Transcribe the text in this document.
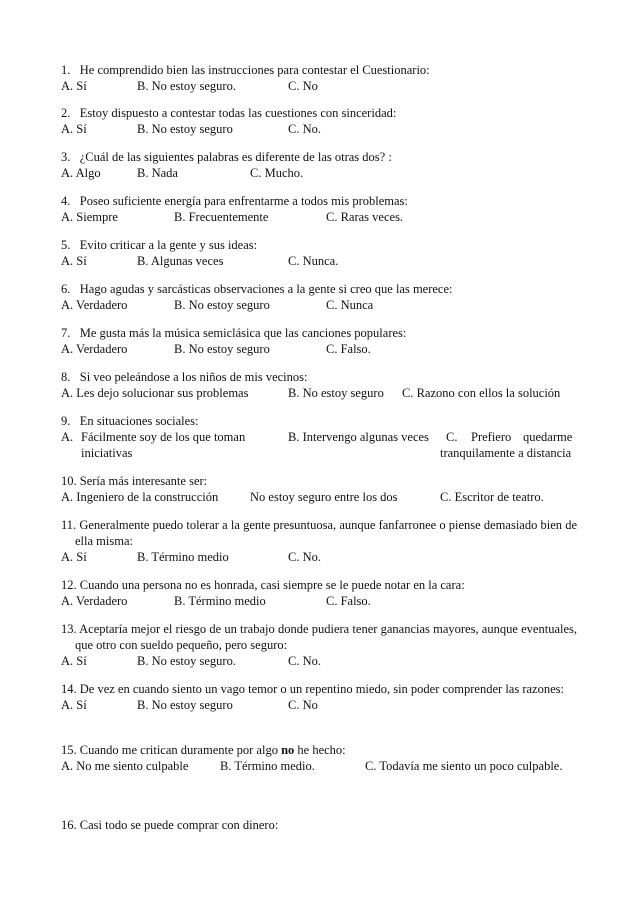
1. He comprendido bien las instrucciones para contestar el Cuestionario:
A. Sí	B. No estoy seguro.	C. No
2. Estoy dispuesto a contestar todas las cuestiones con sinceridad:
A. Sí	B. No estoy seguro	C. No.
3. ¿Cuál de las siguientes palabras es diferente de las otras dos? :
A. Algo	B. Nada	C. Mucho.
4. Poseo suficiente energía para enfrentarme a todos mis problemas:
A. Siempre	B. Frecuentemente	C. Raras veces.
5. Evito criticar a la gente y sus ideas:
A. Sí	B. Algunas veces	C. Nunca.
6. Hago agudas y sarcásticas observaciones a la gente si creo que las merece:
A. Verdadero	B. No estoy seguro	C. Nunca
7. Me gusta más la música semiclásica que las canciones populares:
A. Verdadero	B. No estoy seguro	C. Falso.
8. Si veo peleándose a los niños de mis vecinos:
A. Les dejo solucionar sus problemas	B. No estoy seguro C. Razono con ellos la solución
9. En situaciones sociales:
A. Fácilmente soy de los que toman
iniciativas
B. Intervengo algunas veces C. Prefiero quedarme
tranquilamente a distancia
10. Sería más interesante ser:
A. Ingeniero de la construcción	No estoy seguro entre los dos	C. Escritor de teatro.
11. Generalmente puedo tolerar a la gente presuntuosa, aunque fanfarronee o piense demasiado bien de ella misma:
A. Sí	B. Término medio	C. No.
12. Cuando una persona no es honrada, casi siempre se le puede notar en la cara:
A. Verdadero	B. Término medio	C. Falso.
13. Aceptaría mejor el riesgo de un trabajo donde pudiera tener ganancias mayores, aunque eventuales, que otro con sueldo pequeño, pero seguro:
A. Sí	B. No estoy seguro.	C. No.
14. De vez en cuando siento un vago temor o un repentino miedo, sin poder comprender las razones:
A. Sí	B. No estoy seguro	C. No
15. Cuando me critican duramente por algo no he hecho:
A. No me siento culpable	B. Término medio.	C. Todavía me siento un poco culpable.
16. Casi todo se puede comprar con dinero:
